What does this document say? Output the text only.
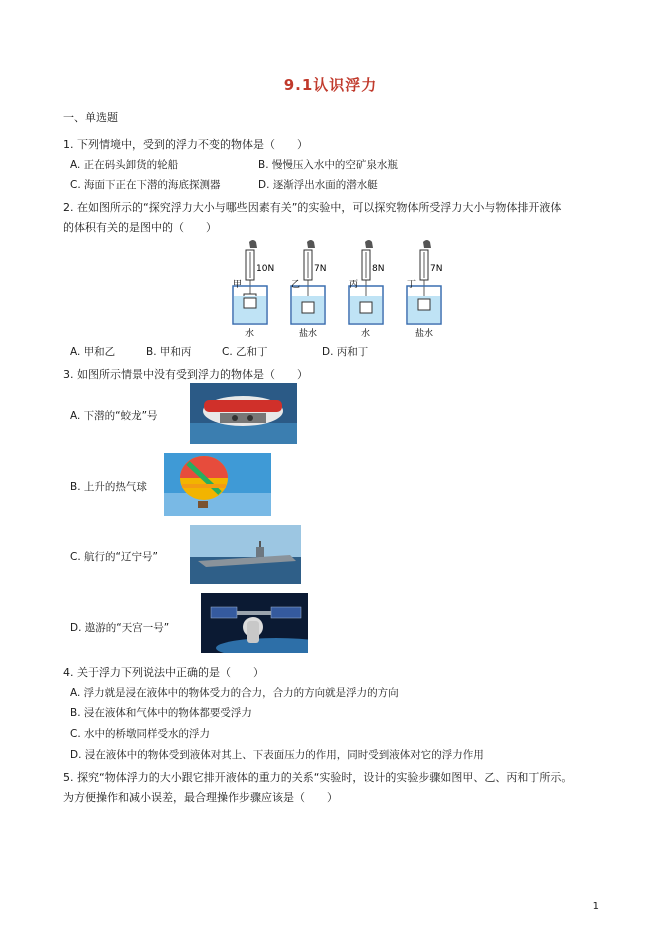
9.1认识浮力
一、单选题
1. 下列情境中，受到的浮力不变的物体是（　　）
A. 正在码头卸货的轮船	B. 慢慢压入水中的空矿泉水瓶
C. 海面下正在下潜的海底探测器	D. 逐渐浮出水面的潜水艇
2. 在如图所示的“探究浮力大小与哪些因素有关”的实验中，可以探究物体所受浮力大小与物体排开液体
的体积有关的是图中的（　　）
甲
10N
水
乙
7N
盐水
丙
8N
水
丁
7N
盐水
A. 甲和乙	B. 甲和丙	C. 乙和丁	D. 丙和丁
3. 如图所示情景中没有受到浮力的物体是（　　）
A. 下潜的“蛟龙”号
B. 上升的热气球
C. 航行的“辽宁号”
D. 遨游的“天宫一号”
4. 关于浮力下列说法中正确的是（　　）
A. 浮力就是浸在液体中的物体受力的合力，合力的方向就是浮力的方向
B. 浸在液体和气体中的物体都要受浮力
C. 水中的桥墩同样受水的浮力
D. 浸在液体中的物体受到液体对其上、下表面压力的作用，同时受到液体对它的浮力作用
5. 探究“物体浮力的大小跟它排开液体的重力的关系“实验时，设计的实验步骤如图甲、乙、丙和丁所示。
为方便操作和减小误差，最合理操作步骤应该是（　　）
1
